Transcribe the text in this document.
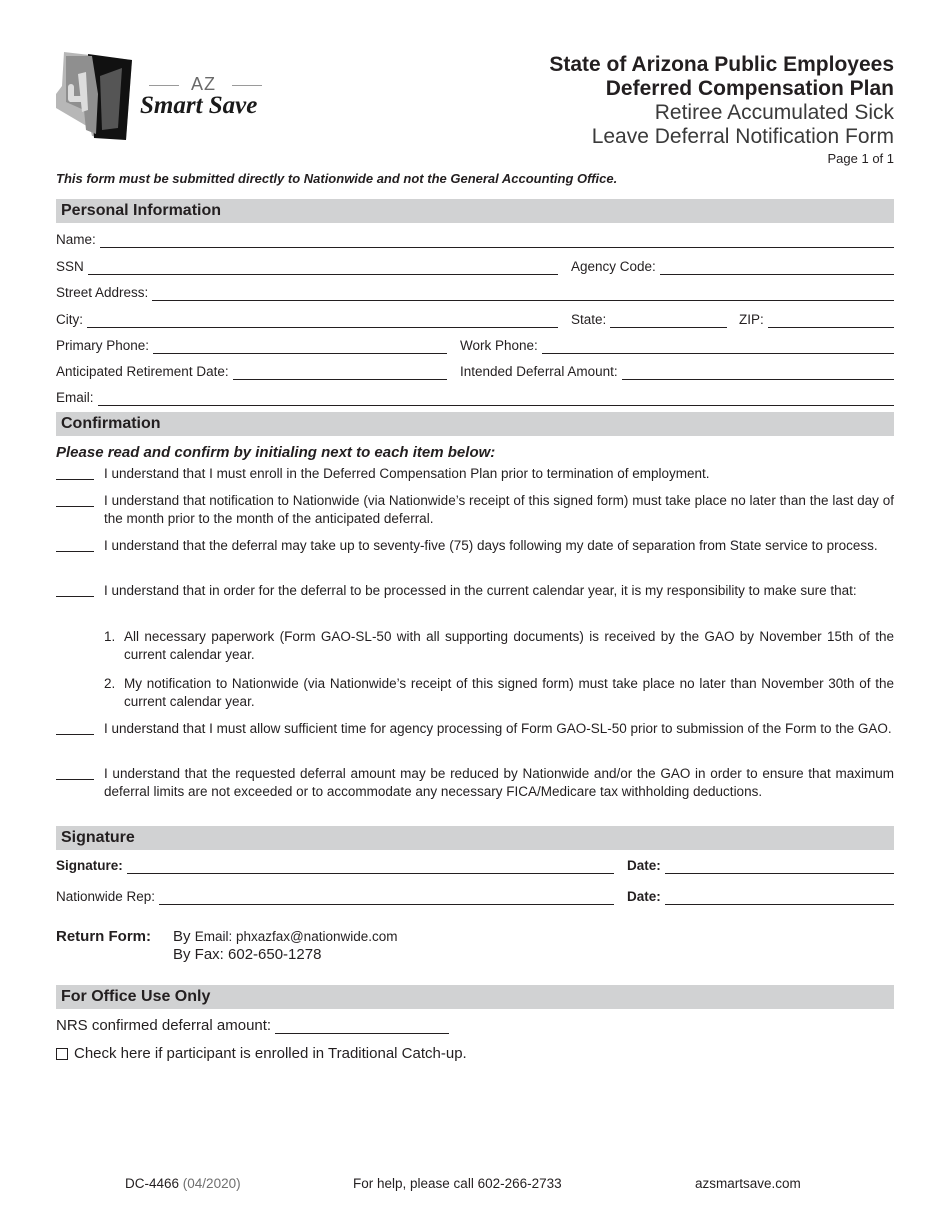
AZ
Smart Save
State of Arizona Public Employees
Deferred Compensation Plan
Retiree Accumulated Sick
Leave Deferral Notification Form
Page 1 of 1
This form must be submitted directly to Nationwide and not the General Accounting Office.
Personal Information
Name:
SSN	Agency Code:
Street Address:
City:	State:	ZIP:
Primary Phone:	Work Phone:
Anticipated Retirement Date:	Intended Deferral Amount:
Email:
Confirmation
Please read and confirm by initialing next to each item below:
I understand that I must enroll in the Deferred Compensation Plan prior to termination of employment.
I understand that notification to Nationwide (via Nationwide’s receipt of this signed form) must take place no later than the last day of the month prior to the month of the anticipated deferral.
I understand that the deferral may take up to seventy-five (75) days following my date of separation from State service to process.
I understand that in order for the deferral to be processed in the current calendar year, it is my responsibility to make sure that:
1. All necessary paperwork (Form GAO-SL-50 with all supporting documents) is received by the GAO by November 15th of the current calendar year.
2. My notification to Nationwide (via Nationwide’s receipt of this signed form) must take place no later than November 30th of the current calendar year.
I understand that I must allow sufficient time for agency processing of Form GAO-SL-50 prior to submission of the Form to the GAO.
I understand that the requested deferral amount may be reduced by Nationwide and/or the GAO in order to ensure that maximum deferral limits are not exceeded or to accommodate any necessary FICA/Medicare tax withholding deductions.
Signature
Signature:	Date:
Nationwide Rep:	Date:
Return Form: By Email: phxazfax@nationwide.com
By Fax: 602-650-1278
For Office Use Only
NRS confirmed deferral amount:
Check here if participant is enrolled in Traditional Catch-up.
DC-4466 (04/2020)	For help, please call 602-266-2733	azsmartsave.com
